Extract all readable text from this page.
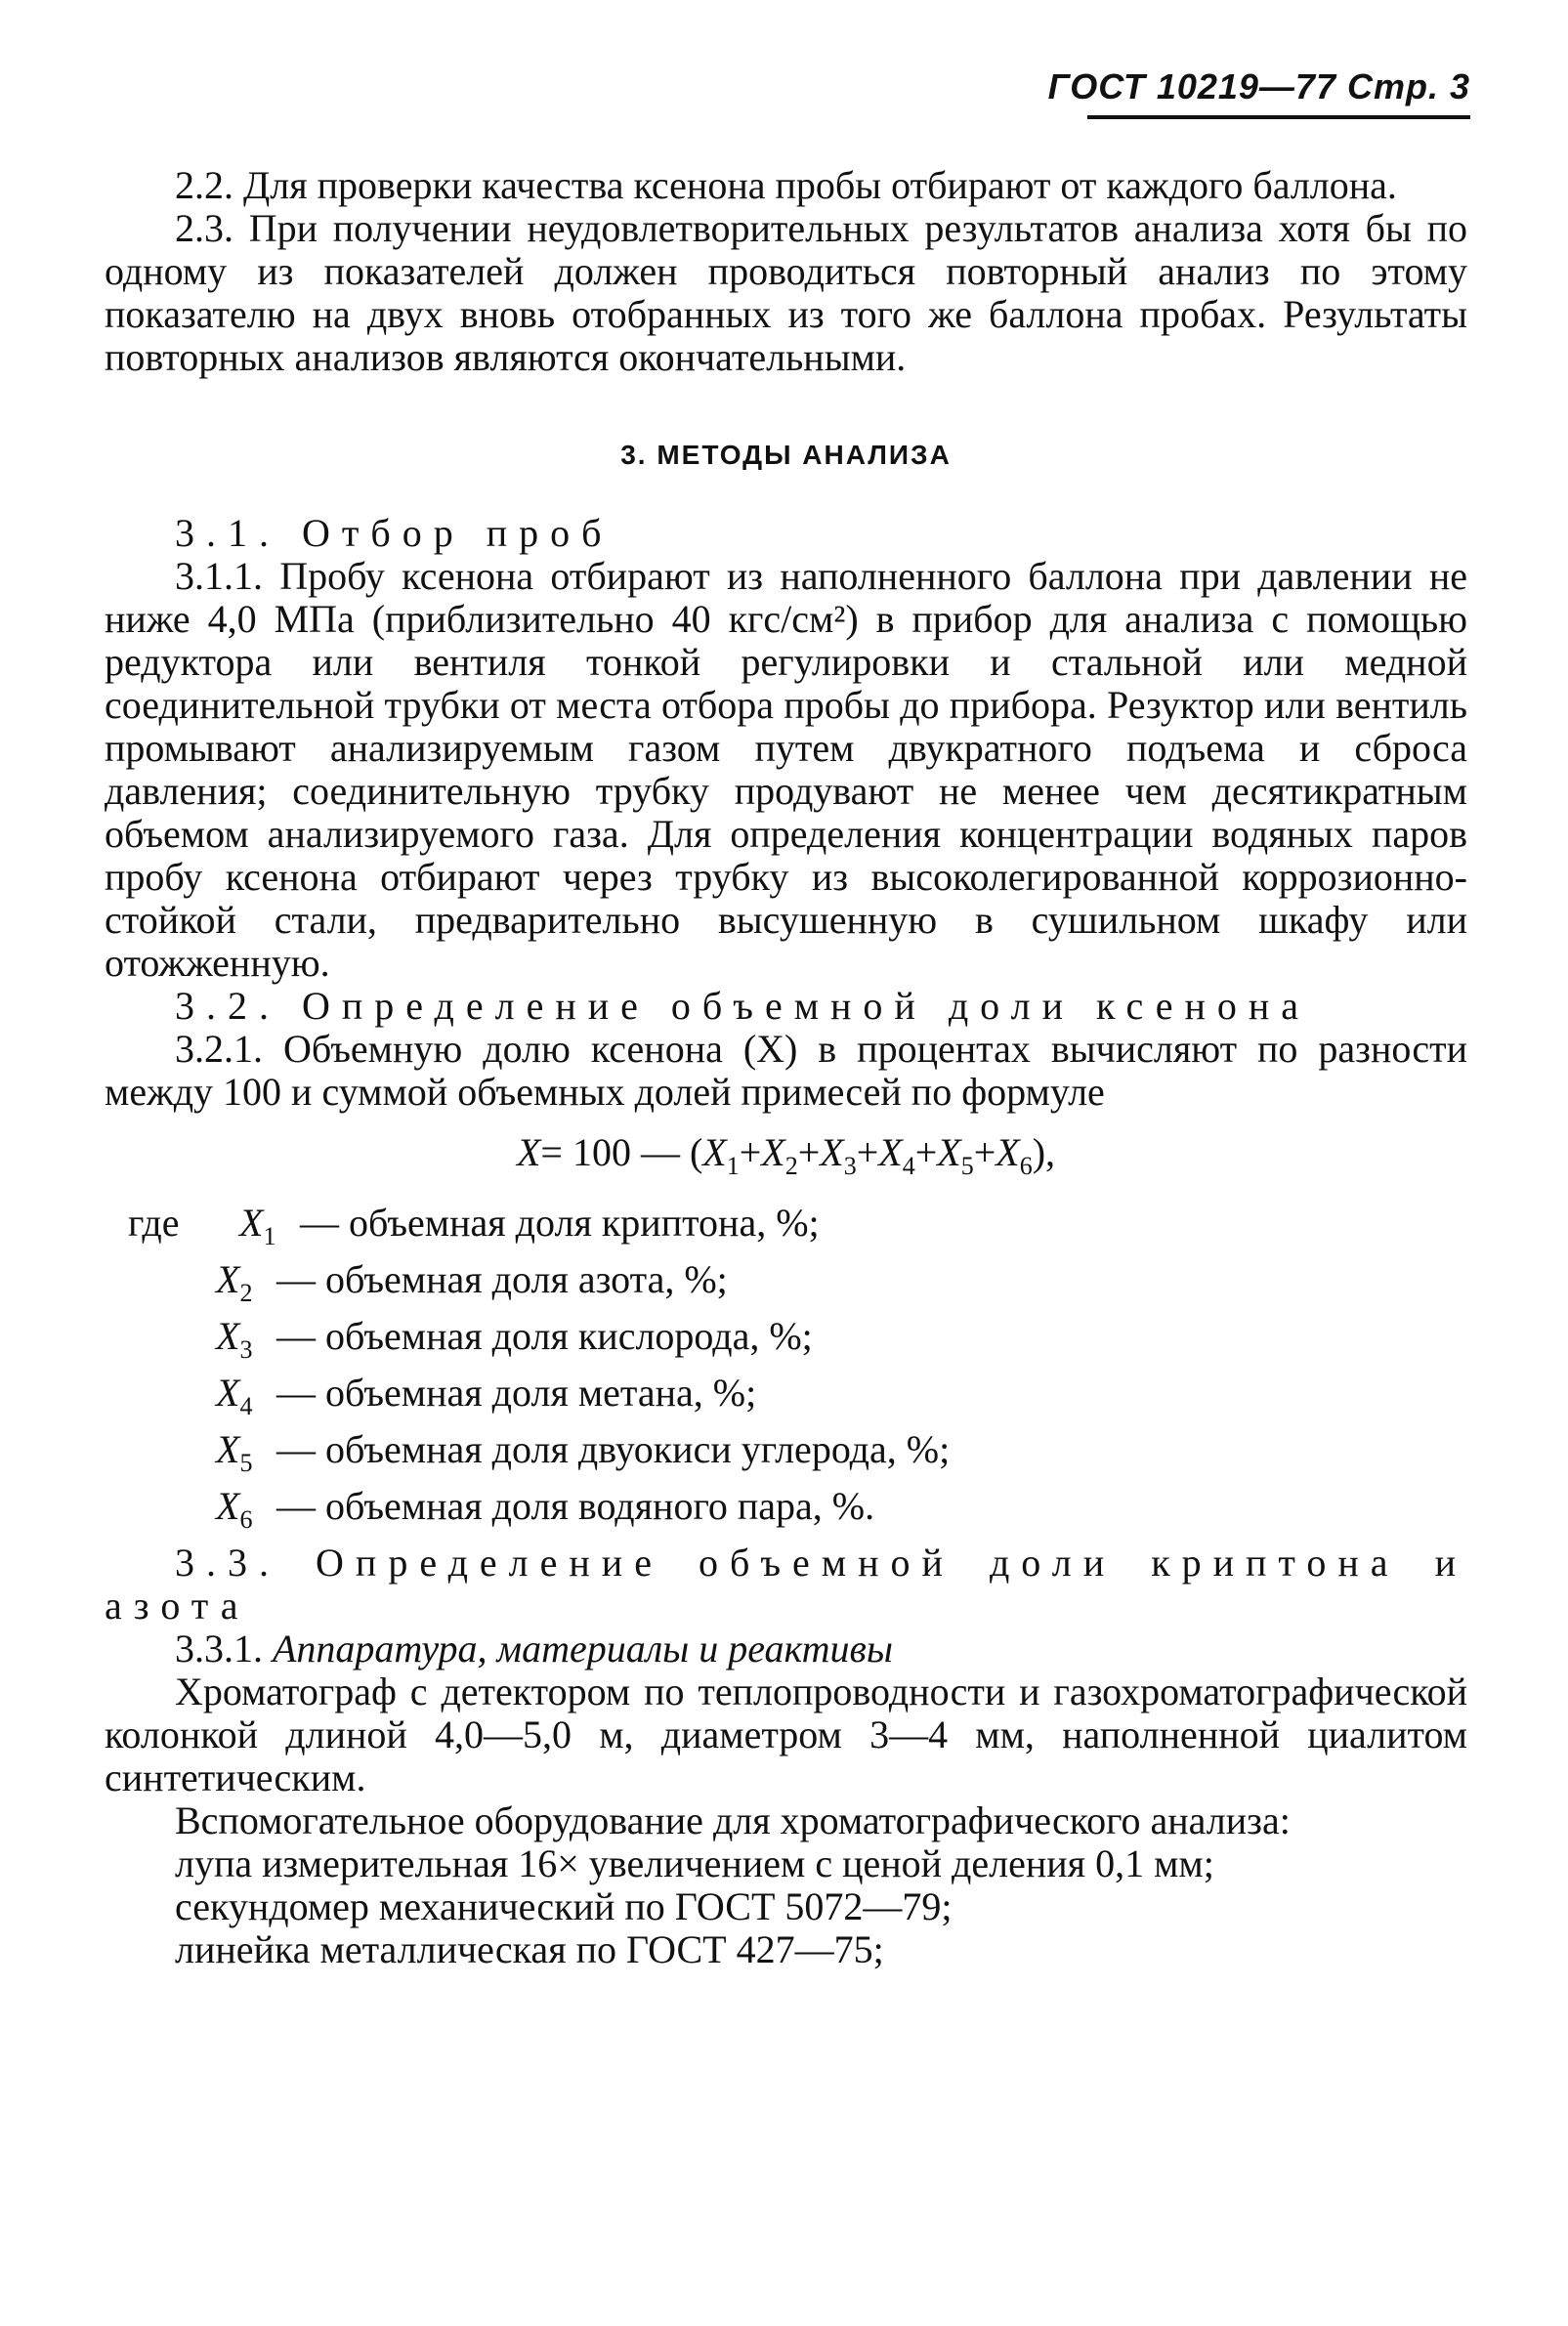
ГОСТ 10219—77 Стр. 3

2.2. Для проверки качества ксенона пробы отбирают от каждого баллона.

2.3. При получении неудовлетворительных результатов анализа хотя бы по одному из показателей должен проводиться повторный анализ по этому показателю на двух вновь отобранных из того же баллона пробах. Результаты повторных анализов являются окончательными.

3. МЕТОДЫ АНАЛИЗА

3.1. Отбор проб

3.1.1. Пробу ксенона отбирают из наполненного баллона при давлении не ниже 4,0 МПа (приблизительно 40 кгс/см²) в прибор для анализа с помощью редуктора или вентиля тонкой регулировки и стальной или медной соединительной трубки от места отбора пробы до прибора. Резуктор или вентиль промывают анализируемым газом путем двукратного подъема и сброса давления; соединительную трубку продувают не менее чем десятикратным объемом анализируемого газа. Для определения концентрации водяных паров пробу ксенона отбирают через трубку из высоколегированной коррозионно-стойкой стали, предварительно высушенную в сушильном шкафу или отожженную.

3.2. Определение объемной доли ксенона

3.2.1. Объемную долю ксенона (X) в процентах вычисляют по разности между 100 и суммой объемных долей примесей по формуле

X= 100 — $(X_1+X_2+X_3+X_4+X_5+X_6)$,
где	$X_1$ — объемная доля криптона, %;
$X_2$ — объемная доля азота, %;
$X_3$ — объемная доля кислорода, %;
$X_4$ — объемная доля метана, %;
$X_5$ — объемная доля двуокиси углерода, %;
$X_6$ — объемная доля водяного пара, %.

3.3. Определение объемной доли криптона и азота

3.3.1. Аппаратура, материалы и реактивы

Хроматограф с детектором по теплопроводности и газохроматографической колонкой длиной 4,0—5,0 м, диаметром 3—4 мм, наполненной циалитом синтетическим.

Вспомогательное оборудование для хроматографического анализа:

лупа измерительная 16× увеличением с ценой деления 0,1 мм;

секундомер механический по ГОСТ 5072—79;

линейка металлическая по ГОСТ 427—75;
